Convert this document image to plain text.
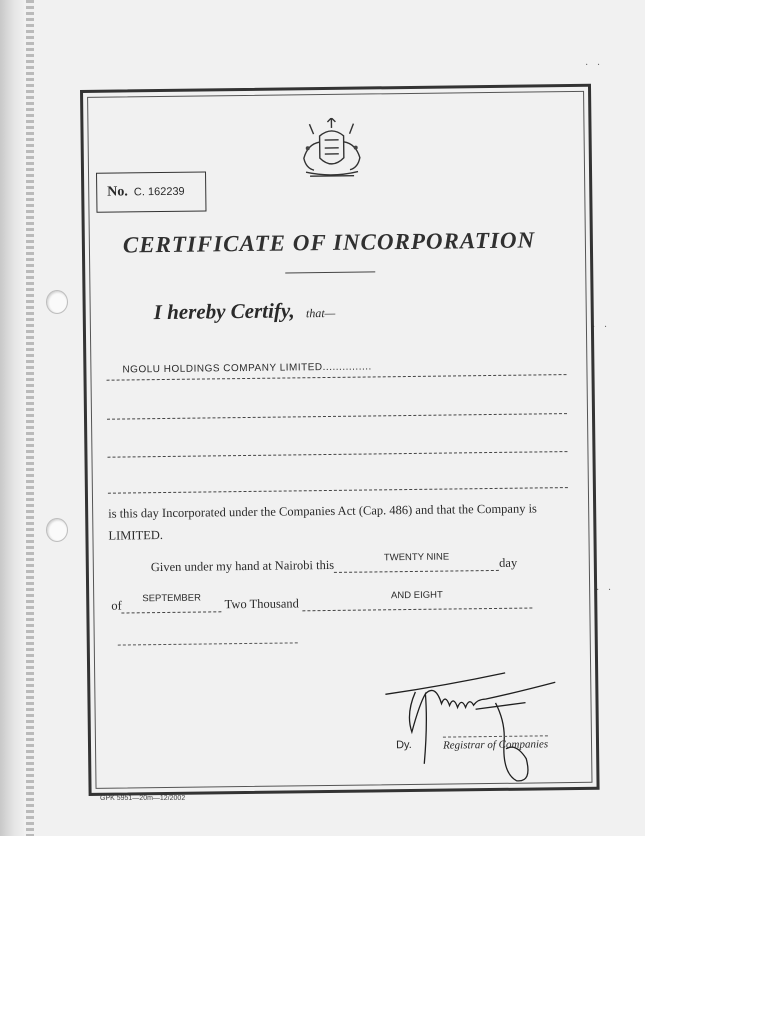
· ·
· ·
· ·
No. C. 162239
CERTIFICATE OF INCORPORATION
I hereby Certify, that—
NGOLU HOLDINGS COMPANY LIMITED...............
is this day Incorporated under the Companies Act (Cap. 486) and that the Company is LIMITED.
Given under my hand at Nairobi thisTWENTY NINE	day
ofSEPTEMBER Two Thousand AND EIGHT
Dy.	Registrar of Companies
GPK 5951—20m—12/2002
